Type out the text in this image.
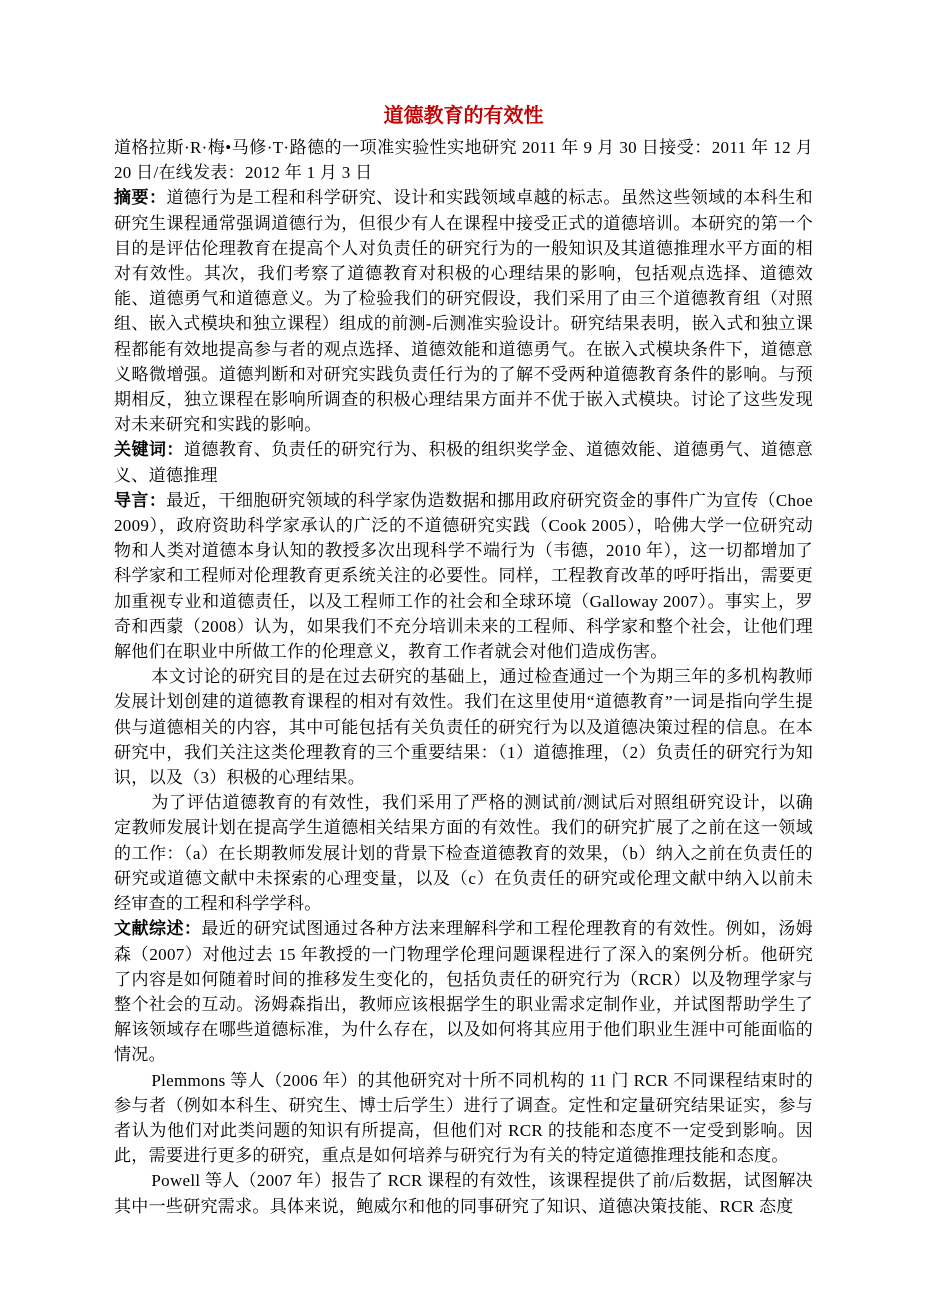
道德教育的有效性

道格拉斯·R·梅•马修·T·路德的一项准实验性实地研究 2011 年 9 月 30 日接受：2011 年 12 月 20 日/在线发表：2012 年 1 月 3 日

摘要：道德行为是工程和科学研究、设计和实践领域卓越的标志。虽然这些领域的本科生和研究生课程通常强调道德行为，但很少有人在课程中接受正式的道德培训。本研究的第一个目的是评估伦理教育在提高个人对负责任的研究行为的一般知识及其道德推理水平方面的相对有效性。其次，我们考察了道德教育对积极的心理结果的影响，包括观点选择、道德效能、道德勇气和道德意义。为了检验我们的研究假设，我们采用了由三个道德教育组（对照组、嵌入式模块和独立课程）组成的前测-后测准实验设计。研究结果表明，嵌入式和独立课程都能有效地提高参与者的观点选择、道德效能和道德勇气。在嵌入式模块条件下，道德意义略微增强。道德判断和对研究实践负责任行为的了解不受两种道德教育条件的影响。与预期相反，独立课程在影响所调查的积极心理结果方面并不优于嵌入式模块。讨论了这些发现对未来研究和实践的影响。

关键词：道德教育、负责任的研究行为、积极的组织奖学金、道德效能、道德勇气、道德意义、道德推理

导言：最近，干细胞研究领域的科学家伪造数据和挪用政府研究资金的事件广为宣传（Choe 2009），政府资助科学家承认的广泛的不道德研究实践（Cook 2005），哈佛大学一位研究动物和人类对道德本身认知的教授多次出现科学不端行为（韦德，2010 年），这一切都增加了科学家和工程师对伦理教育更系统关注的必要性。同样，工程教育改革的呼吁指出，需要更加重视专业和道德责任，以及工程师工作的社会和全球环境（Galloway 2007）。事实上，罗奇和西蒙（2008）认为，如果我们不充分培训未来的工程师、科学家和整个社会，让他们理解他们在职业中所做工作的伦理意义，教育工作者就会对他们造成伤害。

本文讨论的研究目的是在过去研究的基础上，通过检查通过一个为期三年的多机构教师发展计划创建的道德教育课程的相对有效性。我们在这里使用“道德教育”一词是指向学生提供与道德相关的内容，其中可能包括有关负责任的研究行为以及道德决策过程的信息。在本研究中，我们关注这类伦理教育的三个重要结果：（1）道德推理，（2）负责任的研究行为知识，以及（3）积极的心理结果。

为了评估道德教育的有效性，我们采用了严格的测试前/测试后对照组研究设计，以确定教师发展计划在提高学生道德相关结果方面的有效性。我们的研究扩展了之前在这一领域的工作：（a）在长期教师发展计划的背景下检查道德教育的效果，（b）纳入之前在负责任的研究或道德文献中未探索的心理变量，以及（c）在负责任的研究或伦理文献中纳入以前未经审查的工程和科学学科。

文献综述：最近的研究试图通过各种方法来理解科学和工程伦理教育的有效性。例如，汤姆森（2007）对他过去 15 年教授的一门物理学伦理问题课程进行了深入的案例分析。他研究了内容是如何随着时间的推移发生变化的，包括负责任的研究行为（RCR）以及物理学家与整个社会的互动。汤姆森指出，教师应该根据学生的职业需求定制作业，并试图帮助学生了解该领域存在哪些道德标准，为什么存在，以及如何将其应用于他们职业生涯中可能面临的情况。

Plemmons 等人（2006 年）的其他研究对十所不同机构的 11 门 RCR 不同课程结束时的参与者（例如本科生、研究生、博士后学生）进行了调查。定性和定量研究结果证实，参与者认为他们对此类问题的知识有所提高，但他们对 RCR 的技能和态度不一定受到影响。因此，需要进行更多的研究，重点是如何培养与研究行为有关的特定道德推理技能和态度。

Powell 等人（2007 年）报告了 RCR 课程的有效性，该课程提供了前/后数据，试图解决其中一些研究需求。具体来说，鲍威尔和他的同事研究了知识、道德决策技能、RCR 态度
